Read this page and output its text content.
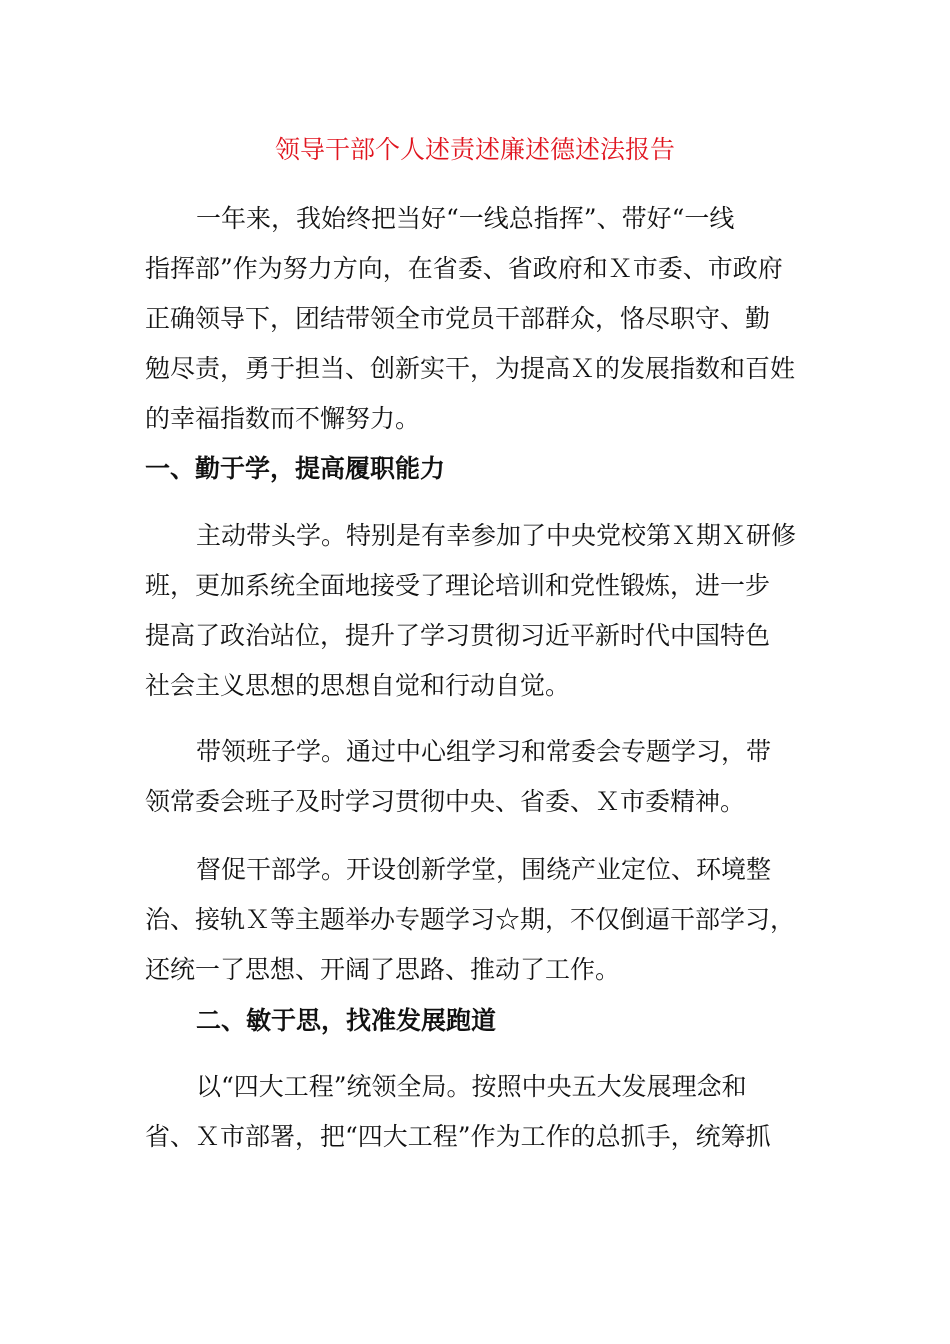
领导干部个人述责述廉述德述法报告
一年来，我始终把当好“一线总指挥”、带好“一线
指挥部”作为努力方向，在省委、省政府和Ｘ市委、市政府
正确领导下，团结带领全市党员干部群众，恪尽职守、勤
勉尽责，勇于担当、创新实干，为提高Ｘ的发展指数和百姓
的幸福指数而不懈努力。
一、勤于学，提高履职能力
主动带头学。特别是有幸参加了中央党校第Ｘ期Ｘ研修
班，更加系统全面地接受了理论培训和党性锻炼，进一步
提高了政治站位，提升了学习贯彻习近平新时代中国特色
社会主义思想的思想自觉和行动自觉。
带领班子学。通过中心组学习和常委会专题学习，带
领常委会班子及时学习贯彻中央、省委、Ｘ市委精神。
督促干部学。开设创新学堂，围绕产业定位、环境整
治、接轨Ｘ等主题举办专题学习☆期，不仅倒逼干部学习，
还统一了思想、开阔了思路、推动了工作。
二、敏于思，找准发展跑道
以“四大工程”统领全局。按照中央五大发展理念和
省、Ｘ市部署，把“四大工程”作为工作的总抓手，统筹抓
